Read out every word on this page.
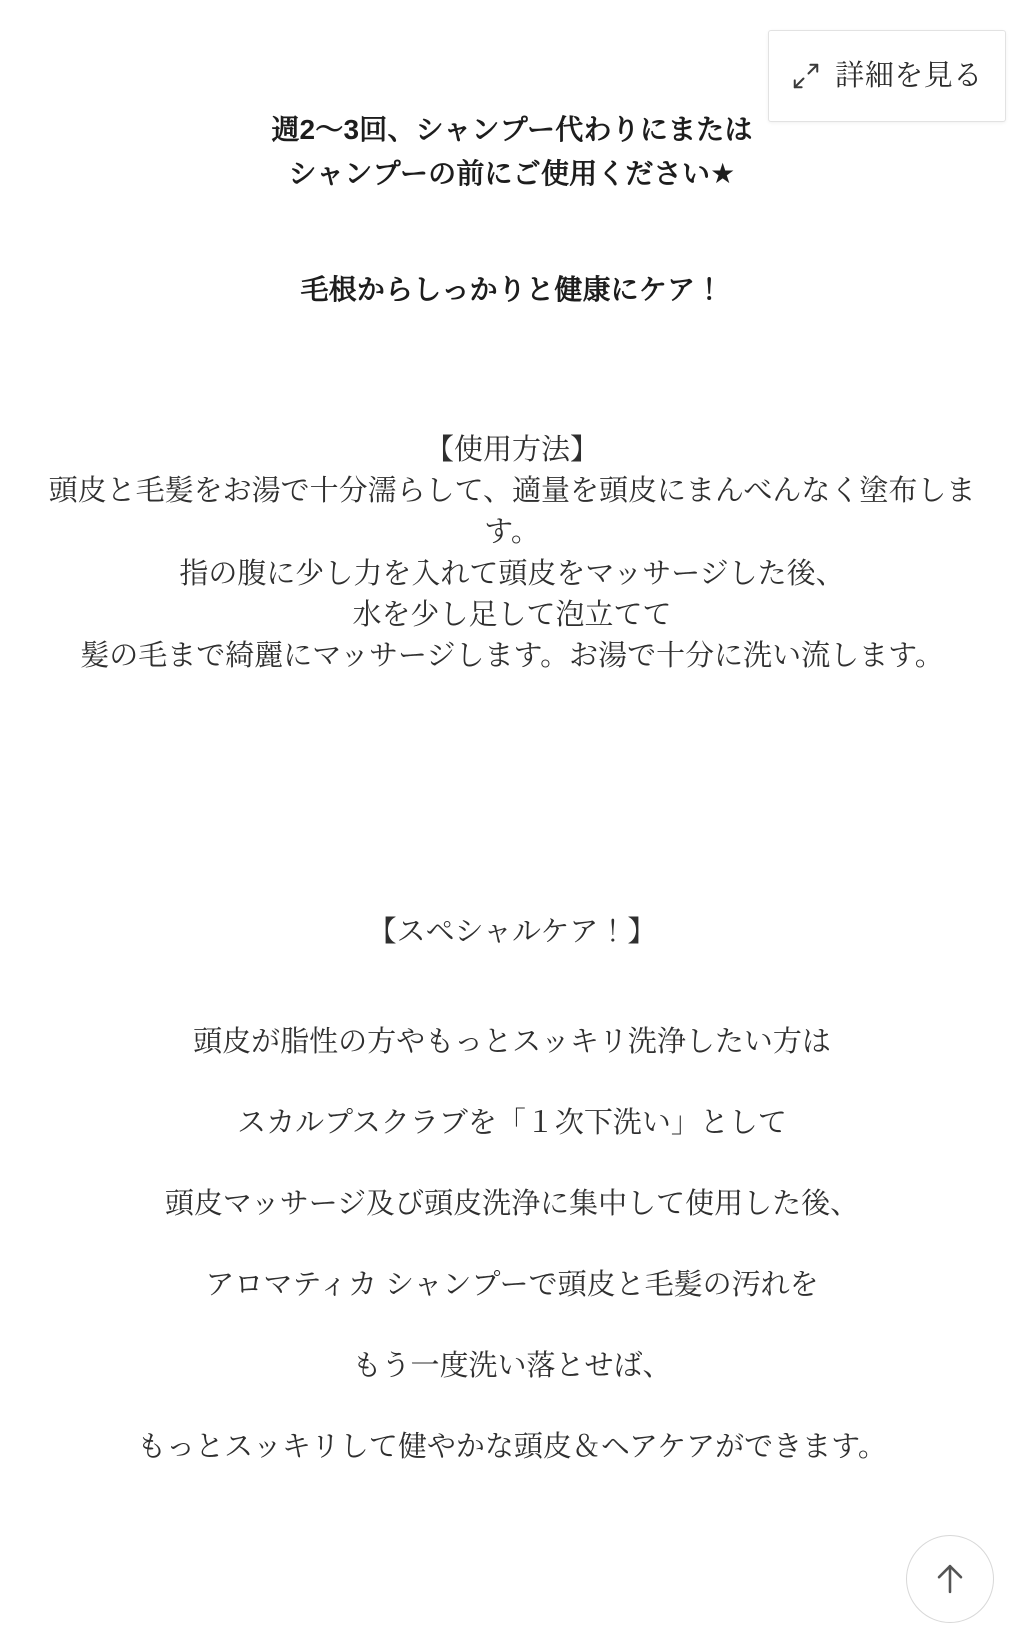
詳細を見る
週2〜3回、シャンプー代わりにまたは
シャンプーの前にご使用ください★
毛根からしっかりと健康にケア！
【使用方法】
頭皮と毛髪をお湯で十分濡らして、適量を頭皮にまんべんなく塗布しま
す。
指の腹に少し力を入れて頭皮をマッサージした後、
水を少し足して泡立てて
髪の毛まで綺麗にマッサージします。お湯で十分に洗い流します。
【スペシャルケア！】
頭皮が脂性の方やもっとスッキリ洗浄したい方は
スカルプスクラブを「１次下洗い」として
頭皮マッサージ及び頭皮洗浄に集中して使用した後、
アロマティカ シャンプーで頭皮と毛髪の汚れを
もう一度洗い落とせば、
もっとスッキリして健やかな頭皮＆ヘアケアができます。
